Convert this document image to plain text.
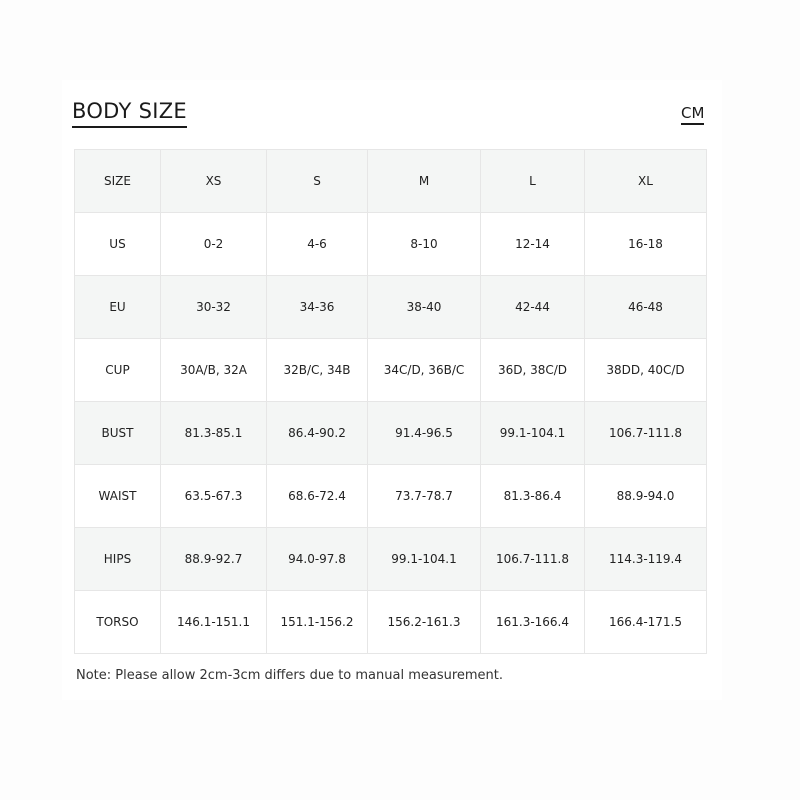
BODY SIZE	CM
SIZE	XS	S	M	L	XL
US	0-2	4-6	8-10	12-14	16-18
EU	30-32	34-36	38-40	42-44	46-48
CUP	30A/B, 32A	32B/C, 34B	34C/D, 36B/C	36D, 38C/D	38DD, 40C/D
BUST	81.3-85.1	86.4-90.2	91.4-96.5	99.1-104.1	106.7-111.8
WAIST	63.5-67.3	68.6-72.4	73.7-78.7	81.3-86.4	88.9-94.0
HIPS	88.9-92.7	94.0-97.8	99.1-104.1	106.7-111.8	114.3-119.4
TORSO	146.1-151.1	151.1-156.2	156.2-161.3	161.3-166.4	166.4-171.5
Note: Please allow 2cm-3cm differs due to manual measurement.
